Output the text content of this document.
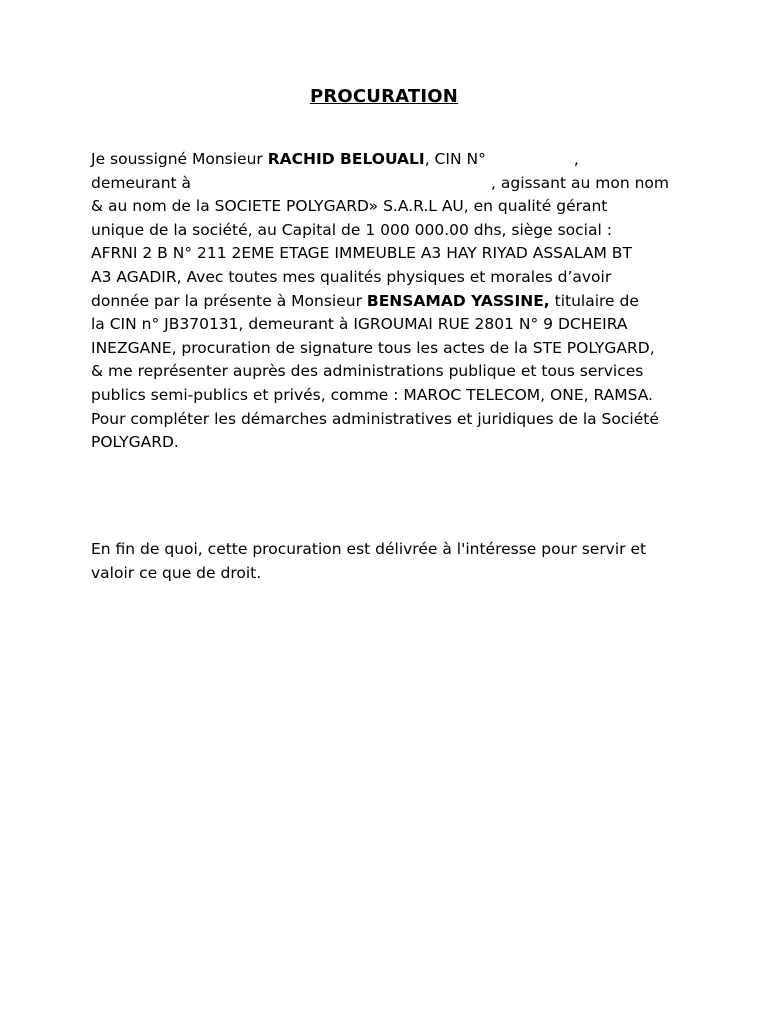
PROCURATION

Je soussigné Monsieur RACHID BELOUALI, CIN N°	,
demeurant à	, agissant au mon nom
& au nom de la SOCIETE POLYGARD» S.A.R.L AU, en qualité gérant
unique de la société, au Capital de 1 000 000.00 dhs, siège social :
AFRNI 2 B N° 211 2EME ETAGE IMMEUBLE A3 HAY RIYAD ASSALAM BT
A3 AGADIR, Avec toutes mes qualités physiques et morales d’avoir
donnée par la présente à Monsieur BENSAMAD YASSINE, titulaire de
la CIN n° JB370131, demeurant à IGROUMAI RUE 2801 N° 9 DCHEIRA
INEZGANE, procuration de signature tous les actes de la STE POLYGARD,
& me représenter auprès des administrations publique et tous services
publics semi-publics et privés, comme : MAROC TELECOM, ONE, RAMSA.
Pour compléter les démarches administratives et juridiques de la Société
POLYGARD.

En fin de quoi, cette procuration est délivrée à l'intéresse pour servir et
valoir ce que de droit.
